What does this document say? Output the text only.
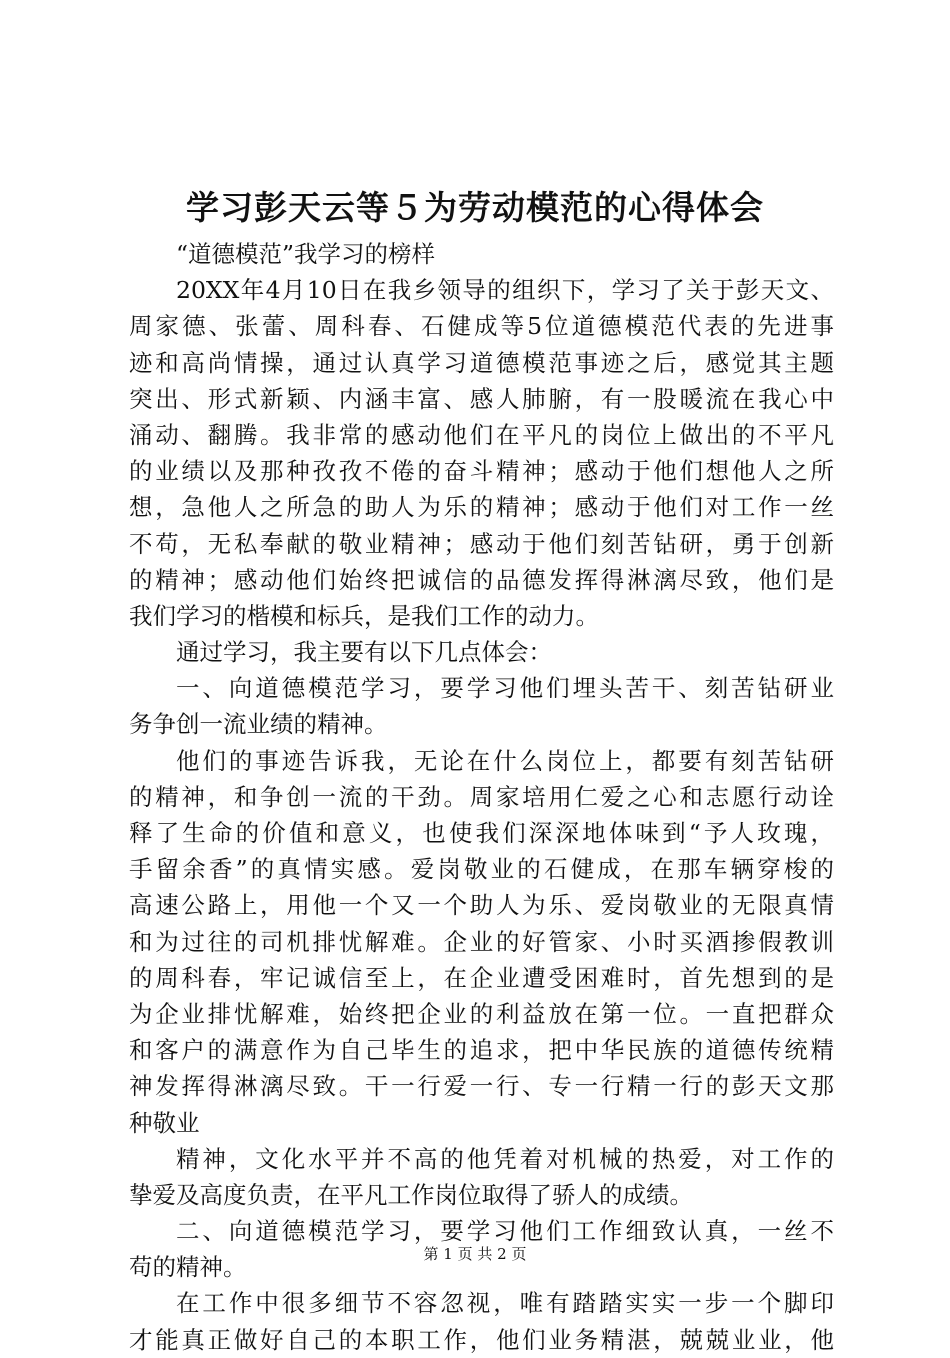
学习彭天云等５为劳动模范的心得体会
“道德模范”我学习的榜样
20XX年4月10日在我乡领导的组织下，学习了关于彭天文、
周家德、张蕾、周科春、石健成等5位道德模范代表的先进事
迹和高尚情操，通过认真学习道德模范事迹之后，感觉其主题
突出、形式新颖、内涵丰富、感人肺腑，有一股暖流在我心中
涌动、翻腾。我非常的感动他们在平凡的岗位上做出的不平凡
的业绩以及那种孜孜不倦的奋斗精神；感动于他们想他人之所
想，急他人之所急的助人为乐的精神；感动于他们对工作一丝
不苟，无私奉献的敬业精神；感动于他们刻苦钻研，勇于创新
的精神；感动他们始终把诚信的品德发挥得淋漓尽致，他们是
我们学习的楷模和标兵，是我们工作的动力。
通过学习，我主要有以下几点体会：
一、向道德模范学习，要学习他们埋头苦干、刻苦钻研业
务争创一流业绩的精神。
他们的事迹告诉我，无论在什么岗位上，都要有刻苦钻研
的精神，和争创一流的干劲。周家培用仁爱之心和志愿行动诠
释了生命的价值和意义，也使我们深深地体味到“予人玫瑰，
手留余香”的真情实感。爱岗敬业的石健成，在那车辆穿梭的
高速公路上，用他一个又一个助人为乐、爱岗敬业的无限真情
和为过往的司机排忧解难。企业的好管家、小时买酒掺假教训
的周科春，牢记诚信至上，在企业遭受困难时，首先想到的是
为企业排忧解难，始终把企业的利益放在第一位。一直把群众
和客户的满意作为自己毕生的追求，把中华民族的道德传统精
神发挥得淋漓尽致。干一行爱一行、专一行精一行的彭天文那
种敬业
精神，文化水平并不高的他凭着对机械的热爱，对工作的
挚爱及高度负责，在平凡工作岗位取得了骄人的成绩。
二、向道德模范学习，要学习他们工作细致认真，一丝不
苟的精神。
在工作中很多细节不容忽视，唯有踏踏实实一步一个脚印
才能真正做好自己的本职工作，他们业务精湛，兢兢业业，他
第 1 页 共 2 页
